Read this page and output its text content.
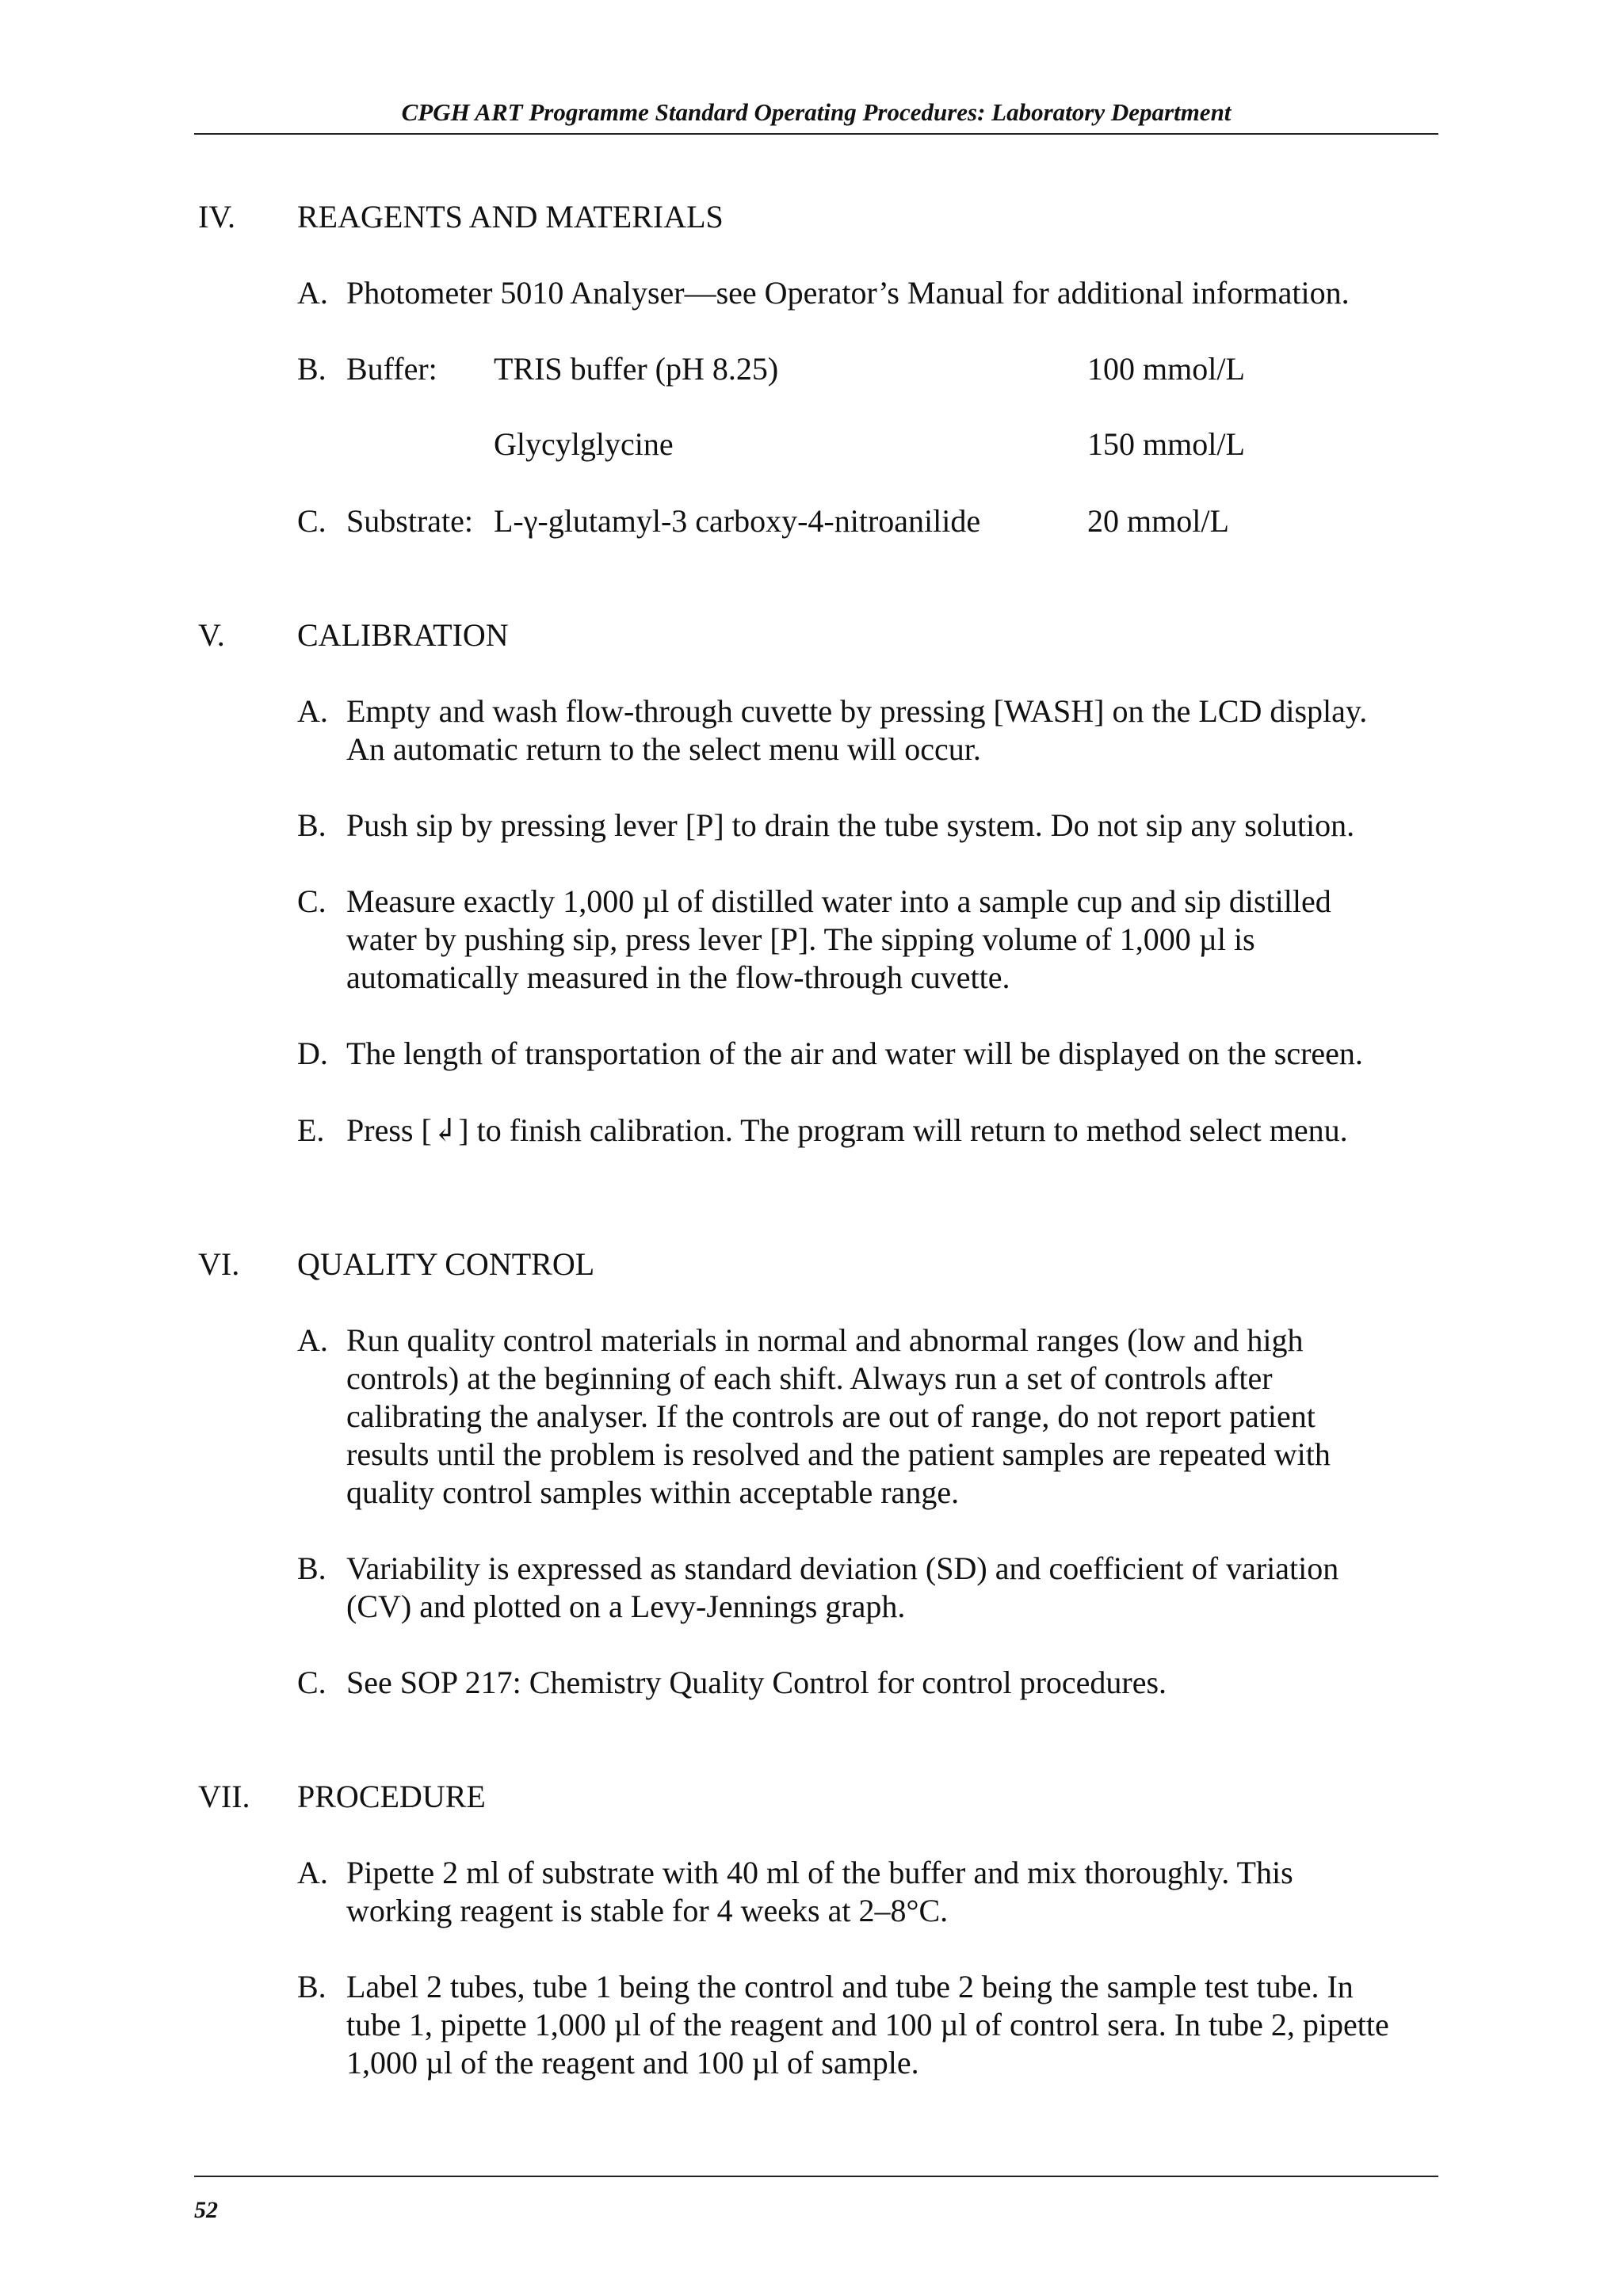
CPGH ART Programme Standard Operating Procedures: Laboratory Department
IV. REAGENTS AND MATERIALS
A. Photometer 5010 Analyser—see Operator’s Manual for additional information.
B. Buffer: TRIS buffer (pH 8.25)	100 mmol/L
Glycylglycine	150 mmol/L
C. Substrate: L-γ-glutamyl-3 carboxy-4-nitroanilide	20 mmol/L
V. CALIBRATION
A. Empty and wash flow-through cuvette by pressing [WASH] on the LCD display.
An automatic return to the select menu will occur.
B. Push sip by pressing lever [P] to drain the tube system. Do not sip any solution.
C. Measure exactly 1,000 µl of distilled water into a sample cup and sip distilled
water by pushing sip, press lever [P]. The sipping volume of 1,000 µl is
automatically measured in the flow-through cuvette.
D. The length of transportation of the air and water will be displayed on the screen.
E. Press [↲] to finish calibration. The program will return to method select menu.
VI. QUALITY CONTROL
A. Run quality control materials in normal and abnormal ranges (low and high
controls) at the beginning of each shift. Always run a set of controls after
calibrating the analyser. If the controls are out of range, do not report patient
results until the problem is resolved and the patient samples are repeated with
quality control samples within acceptable range.
B. Variability is expressed as standard deviation (SD) and coefficient of variation
(CV) and plotted on a Levy-Jennings graph.
C. See SOP 217: Chemistry Quality Control for control procedures.
VII. PROCEDURE
A. Pipette 2 ml of substrate with 40 ml of the buffer and mix thoroughly. This
working reagent is stable for 4 weeks at 2–8°C.
B. Label 2 tubes, tube 1 being the control and tube 2 being the sample test tube. In
tube 1, pipette 1,000 µl of the reagent and 100 µl of control sera. In tube 2, pipette
1,000 µl of the reagent and 100 µl of sample.
52
